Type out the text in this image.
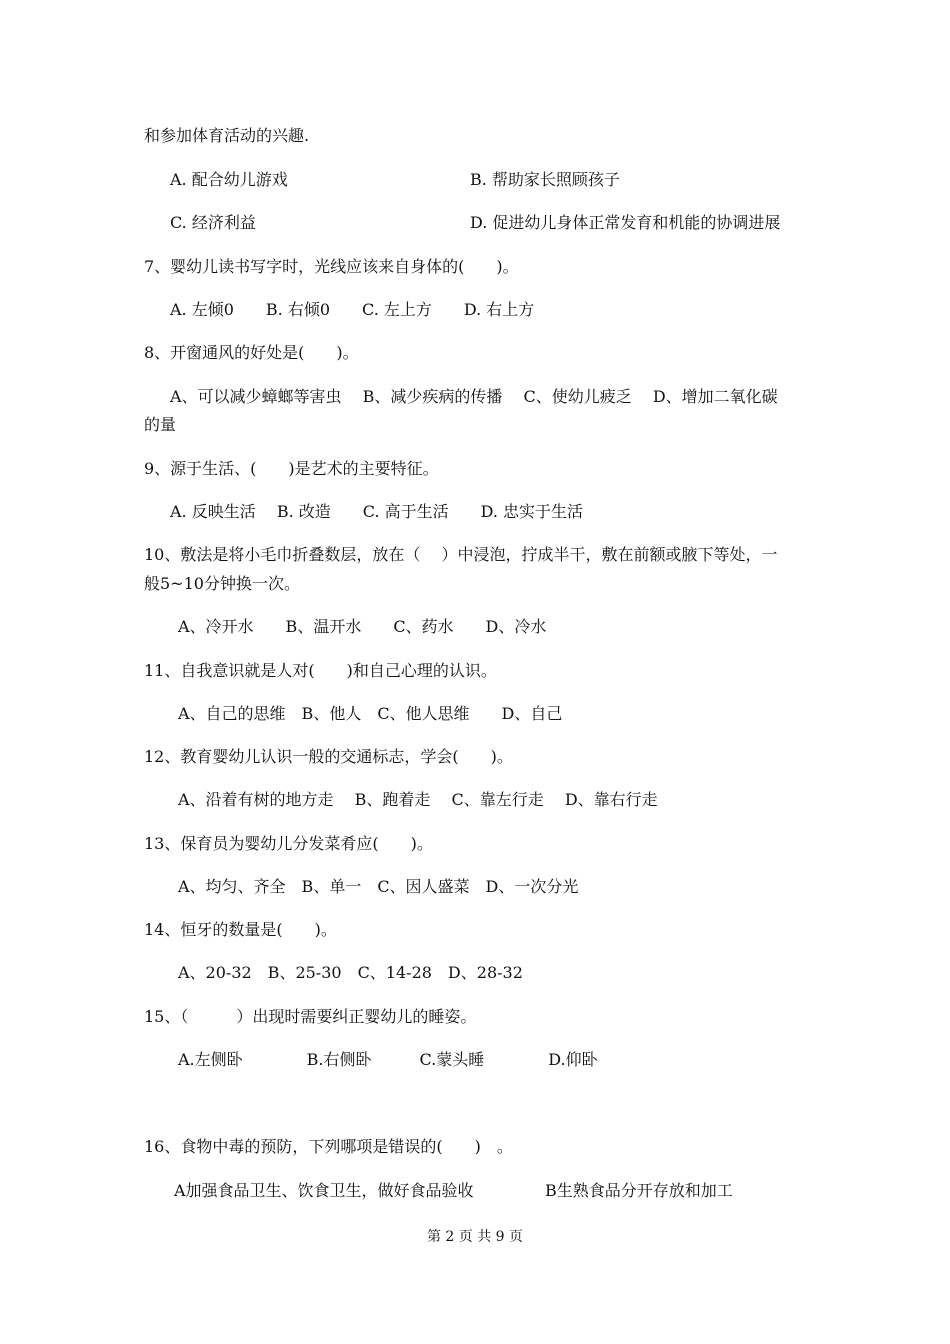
和参加体育活动的兴趣.
A. 配合幼儿游戏	B. 帮助家长照顾孩子
C. 经济利益	D. 促进幼儿身体正常发育和机能的协调进展
7、婴幼儿读书写字时，光线应该来自身体的(　　)。
A. 左倾0　　B. 右倾0　　C. 左上方　　D. 右上方
8、开窗通风的好处是(　　)。
A、可以减少蟑螂等害虫　 B、减少疾病的传播　 C、使幼儿疲乏　 D、增加二氧化碳
的量
9、源于生活、(　　)是艺术的主要特征。
A. 反映生活　 B. 改造　　C. 高于生活　　D. 忠实于生活
10、敷法是将小毛巾折叠数层，放在（　 ）中浸泡，拧成半干，敷在前额或腋下等处，一
般5~10分钟换一次。
A、冷开水　　B、温开水　　C、药水　　D、冷水
11、自我意识就是人对(　　)和自己心理的认识。
A、自己的思维　B、他人　C、他人思维　　D、自己
12、教育婴幼儿认识一般的交通标志，学会(　　)。
A、沿着有树的地方走　 B、跑着走　 C、靠左行走　 D、靠右行走
13、保育员为婴幼儿分发菜肴应(　　)。
A、均匀、齐全　B、单一　C、因人盛菜　D、一次分光
14、恒牙的数量是(　　)。
A、20-32　B、25-30　C、14-28　D、28-32
15、（　　　）出现时需要纠正婴幼儿的睡姿。
A.左侧卧　　　　B.右侧卧　　　C.蒙头睡　　　　D.仰卧
16、食物中毒的预防，下列哪项是错误的(　　)　。
A加强食品卫生、饮食卫生，做好食品验收	B生熟食品分开存放和加工
第 2 页 共 9 页
